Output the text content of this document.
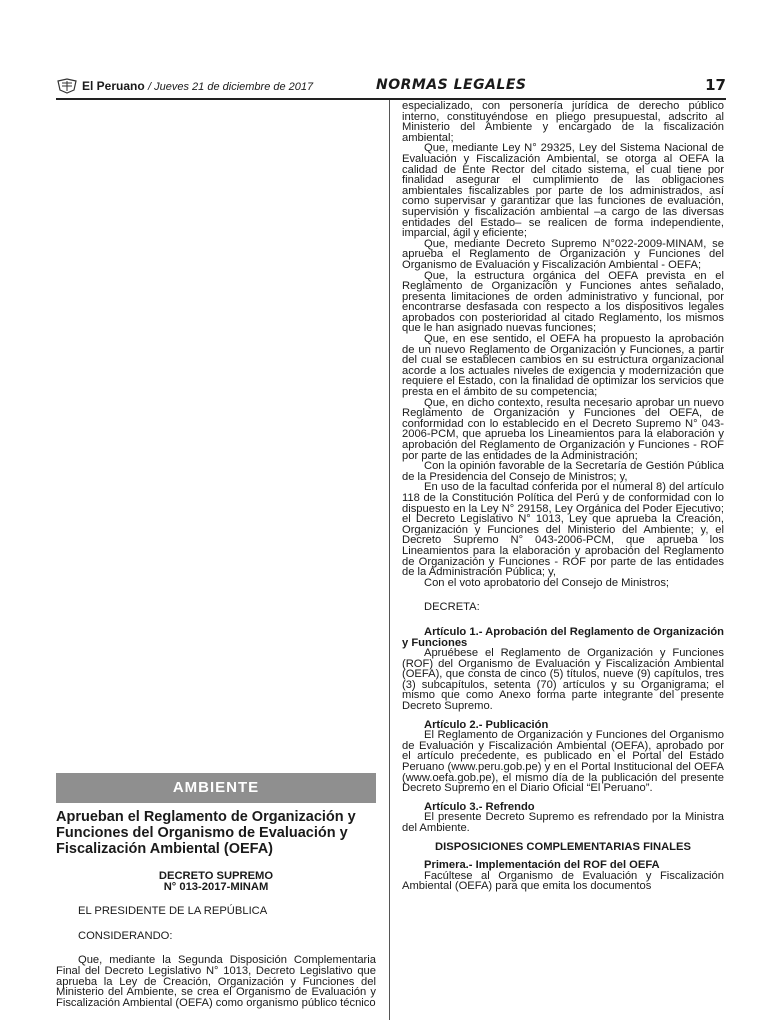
El Peruano / Jueves 21 de diciembre de 2017	NORMAS LEGALES	17
AMBIENTE
Aprueban el Reglamento de Organización y Funciones del Organismo de Evaluación y Fiscalización Ambiental (OEFA)

DECRETO SUPREMO

N° 013-2017-MINAM

EL PRESIDENTE DE LA REPÚBLICA

CONSIDERANDO:

Que, mediante la Segunda Disposición Complementaria Final del Decreto Legislativo N° 1013, Decreto Legislativo que aprueba la Ley de Creación, Organización y Funciones del Ministerio del Ambiente, se crea el Organismo de Evaluación y Fiscalización Ambiental (OEFA) como organismo público técnico

especializado, con personería jurídica de derecho público interno, constituyéndose en pliego presupuestal, adscrito al Ministerio del Ambiente y encargado de la fiscalización ambiental;

Que, mediante Ley N° 29325, Ley del Sistema Nacional de Evaluación y Fiscalización Ambiental, se otorga al OEFA la calidad de Ente Rector del citado sistema, el cual tiene por finalidad asegurar el cumplimiento de las obligaciones ambientales fiscalizables por parte de los administrados, así como supervisar y garantizar que las funciones de evaluación, supervisión y fiscalización ambiental –a cargo de las diversas entidades del Estado– se realicen de forma independiente, imparcial, ágil y eficiente;

Que, mediante Decreto Supremo N°022-2009-MINAM, se aprueba el Reglamento de Organización y Funciones del Organismo de Evaluación y Fiscalización Ambiental - OEFA;

Que, la estructura orgánica del OEFA prevista en el Reglamento de Organización y Funciones antes señalado, presenta limitaciones de orden administrativo y funcional, por encontrarse desfasada con respecto a los dispositivos legales aprobados con posterioridad al citado Reglamento, los mismos que le han asignado nuevas funciones;

Que, en ese sentido, el OEFA ha propuesto la aprobación de un nuevo Reglamento de Organización y Funciones, a partir del cual se establecen cambios en su estructura organizacional acorde a los actuales niveles de exigencia y modernización que requiere el Estado, con la finalidad de optimizar los servicios que presta en el ámbito de su competencia;

Que, en dicho contexto, resulta necesario aprobar un nuevo Reglamento de Organización y Funciones del OEFA, de conformidad con lo establecido en el Decreto Supremo N° 043-2006-PCM, que aprueba los Lineamientos para la elaboración y aprobación del Reglamento de Organización y Funciones - ROF por parte de las entidades de la Administración;

Con la opinión favorable de la Secretaría de Gestión Pública de la Presidencia del Consejo de Ministros; y,

En uso de la facultad conferida por el numeral 8) del artículo 118 de la Constitución Política del Perú y de conformidad con lo dispuesto en la Ley N° 29158, Ley Orgánica del Poder Ejecutivo; el Decreto Legislativo N° 1013, Ley que aprueba la Creación, Organización y Funciones del Ministerio del Ambiente; y, el Decreto Supremo N° 043-2006-PCM, que aprueba los Lineamientos para la elaboración y aprobación del Reglamento de Organización y Funciones - ROF por parte de las entidades de la Administración Pública; y,

Con el voto aprobatorio del Consejo de Ministros;

DECRETA:

Artículo 1.- Aprobación del Reglamento de Organización y Funciones

Apruébese el Reglamento de Organización y Funciones (ROF) del Organismo de Evaluación y Fiscalización Ambiental (OEFA), que consta de cinco (5) títulos, nueve (9) capítulos, tres (3) subcapítulos, setenta (70) artículos y su Organigrama; el mismo que como Anexo forma parte integrante del presente Decreto Supremo.

Artículo 2.- Publicación

El Reglamento de Organización y Funciones del Organismo de Evaluación y Fiscalización Ambiental (OEFA), aprobado por el artículo precedente, es publicado en el Portal del Estado Peruano (www.peru.gob.pe) y en el Portal Institucional del OEFA (www.oefa.gob.pe), el mismo día de la publicación del presente Decreto Supremo en el Diario Oficial “El Peruano”.

Artículo 3.- Refrendo

El presente Decreto Supremo es refrendado por la Ministra del Ambiente.

DISPOSICIONES COMPLEMENTARIAS FINALES

Primera.- Implementación del ROF del OEFA

Facúltese al Organismo de Evaluación y Fiscalización Ambiental (OEFA) para que emita los documentos
